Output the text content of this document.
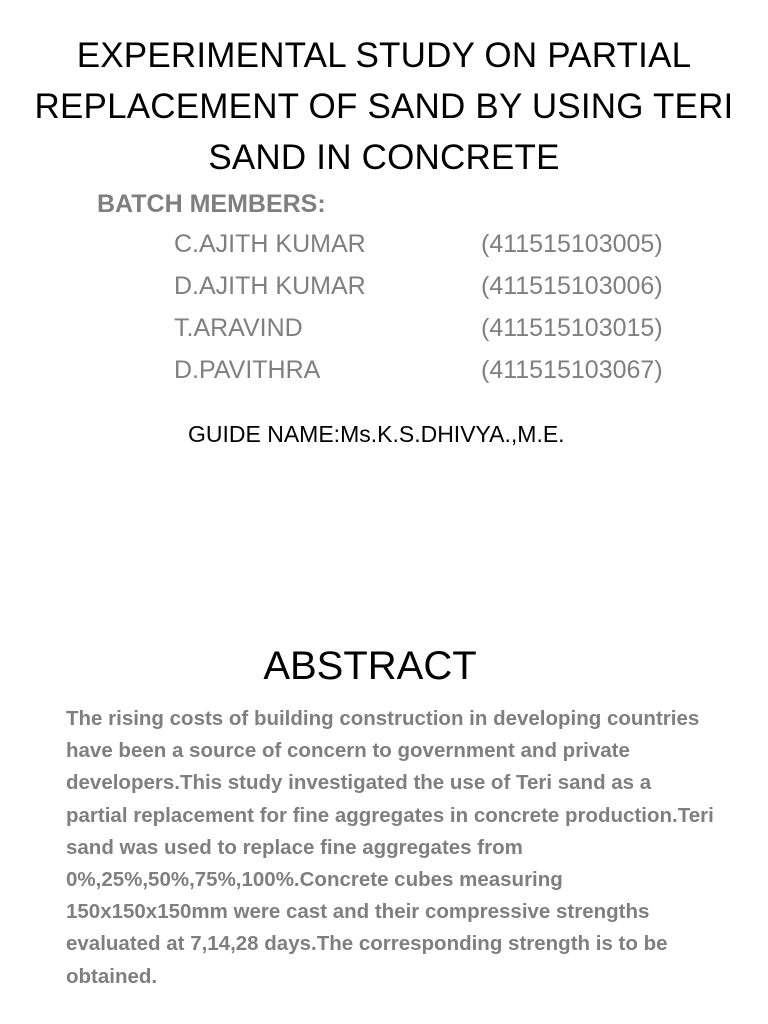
EXPERIMENTAL STUDY ON PARTIAL REPLACEMENT OF SAND BY USING TERI SAND IN CONCRETE
BATCH MEMBERS:
C.AJITH KUMAR	(411515103005)
D.AJITH KUMAR	(411515103006)
T.ARAVIND	(411515103015)
D.PAVITHRA	(411515103067)
GUIDE NAME:Ms.K.S.DHIVYA.,M.E.
ABSTRACT
The rising costs of building construction in developing countries have been a source of concern to government and private developers.This study investigated the use of Teri sand as a partial replacement for fine aggregates in concrete production.Teri sand was used to replace fine aggregates from 0%,25%,50%,75%,100%.Concrete cubes measuring 150x150x150mm were cast and their compressive strengths evaluated at 7,14,28 days.The corresponding strength is to be obtained.
